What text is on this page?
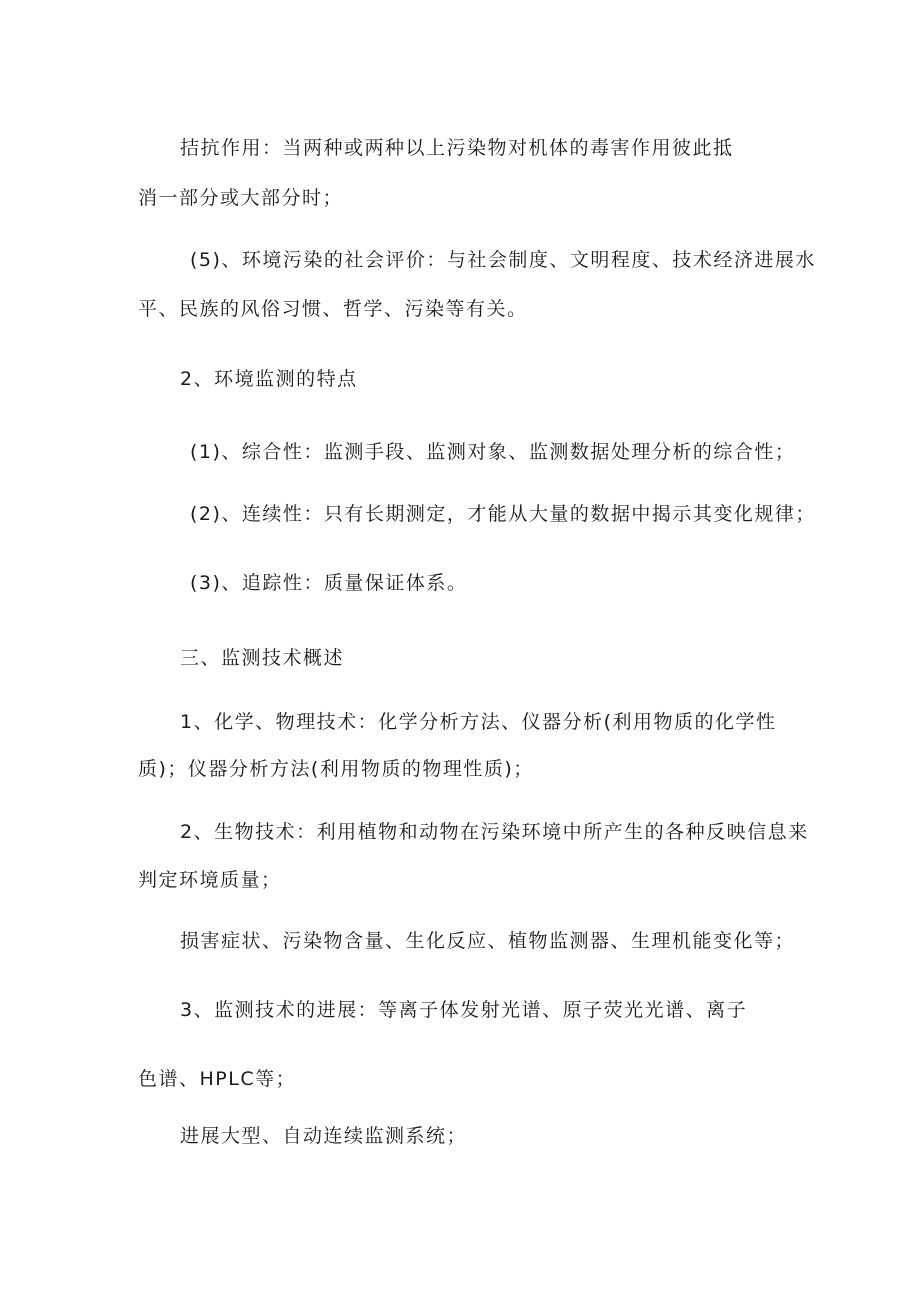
拮抗作用：当两种或两种以上污染物对机体的毒害作用彼此抵
消一部分或大部分时；
(5)、环境污染的社会评价：与社会制度、文明程度、技术经济进展水
平、民族的风俗习惯、哲学、污染等有关。
2、环境监测的特点
(1)、综合性：监测手段、监测对象、监测数据处理分析的综合性；
(2)、连续性：只有长期测定，才能从大量的数据中揭示其变化规律；
(3)、追踪性：质量保证体系。
三、监测技术概述
1、化学、物理技术：化学分析方法、仪器分析(利用物质的化学性
质)；仪器分析方法(利用物质的物理性质)；
2、生物技术：利用植物和动物在污染环境中所产生的各种反映信息来
判定环境质量；
损害症状、污染物含量、生化反应、植物监测器、生理机能变化等；
3、监测技术的进展：等离子体发射光谱、原子荧光光谱、离子
色谱、HPLC等；
进展大型、自动连续监测系统；
